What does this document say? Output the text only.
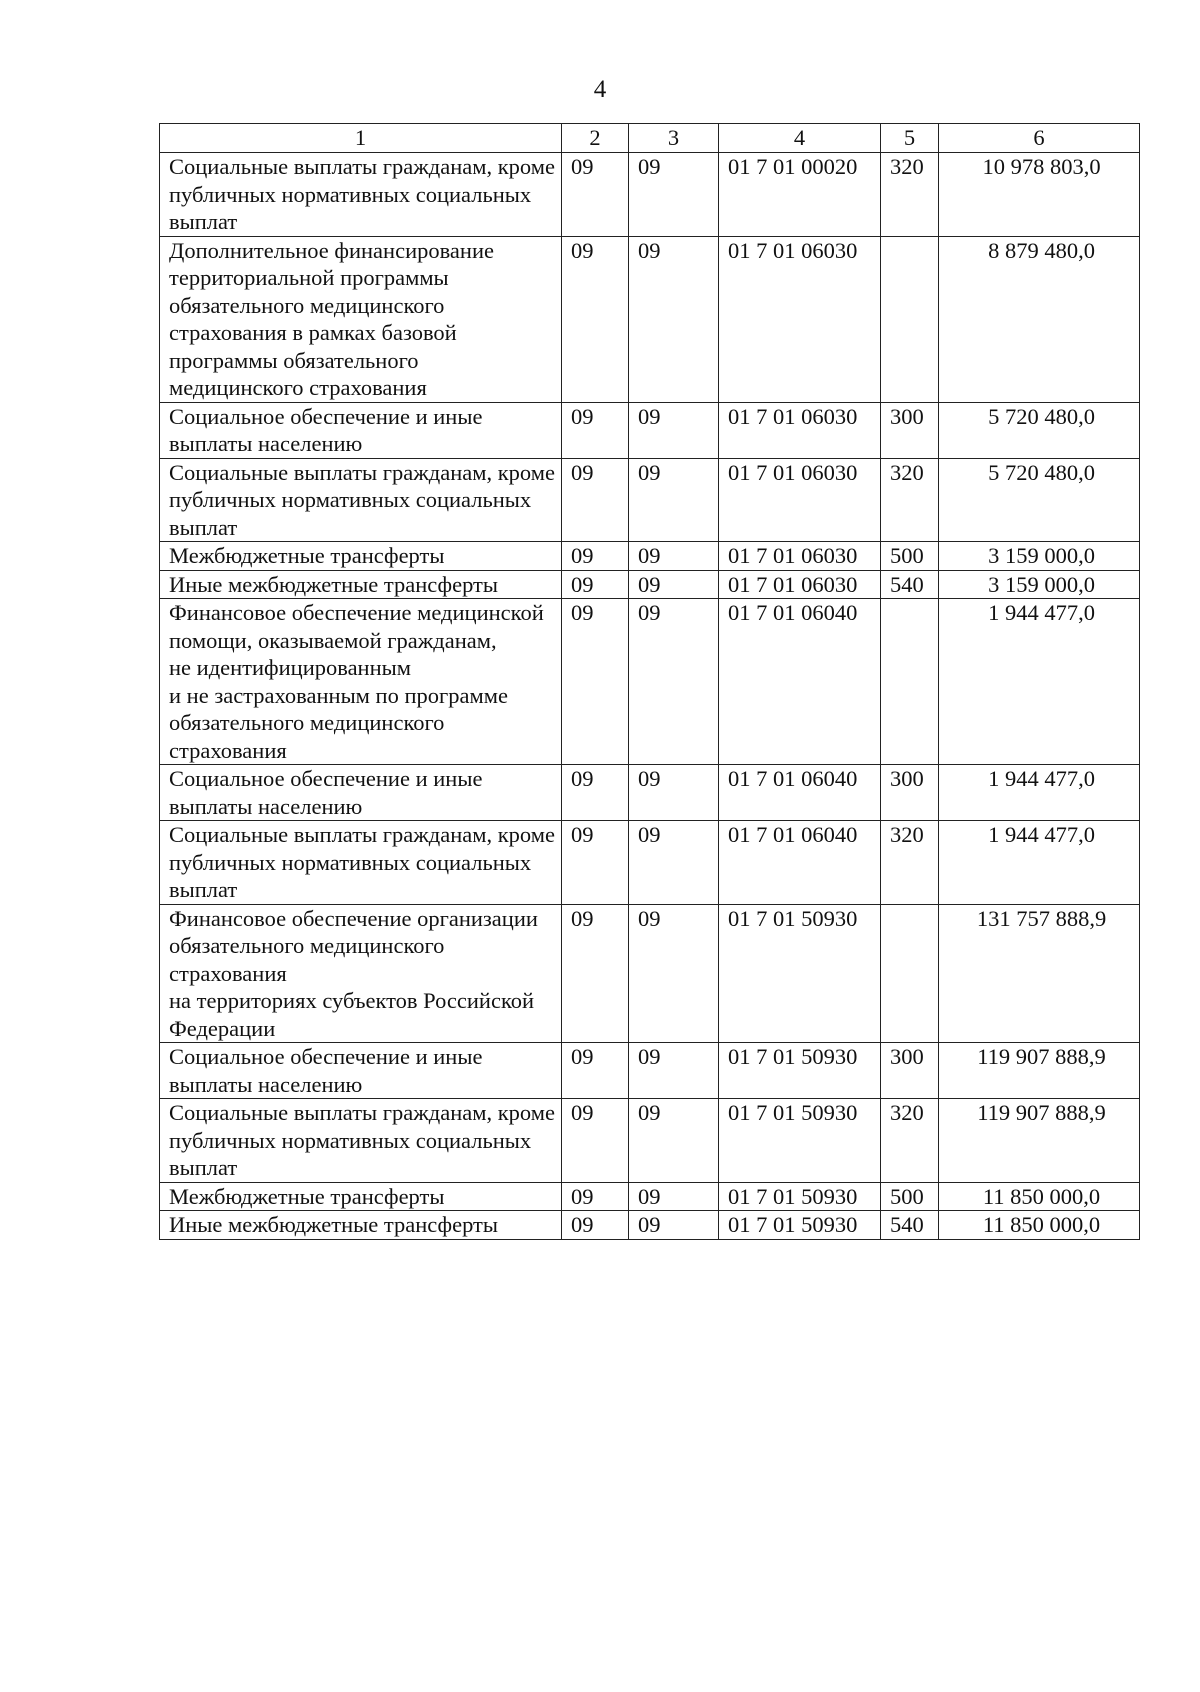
4
1	2	3	4	5	6
Социальные выплаты гражданам, кроме публичных нормативных социальных выплат	09	09	01 7 01 00020	320	10 978 803,0
Дополнительное финансирование территориальной программы обязательного медицинского страхования в рамках базовой программы обязательного медицинского страхования	09	09	01 7 01 06030		8 879 480,0
Социальное обеспечение и иные выплаты населению	09	09	01 7 01 06030	300	5 720 480,0
Социальные выплаты гражданам, кроме публичных нормативных социальных выплат	09	09	01 7 01 06030	320	5 720 480,0
Межбюджетные трансферты	09	09	01 7 01 06030	500	3 159 000,0
Иные межбюджетные трансферты	09	09	01 7 01 06030	540	3 159 000,0
Финансовое обеспечение медицинской помощи, оказываемой гражданам,
не идентифицированным
и не застрахованным по программе обязательного медицинского страхования	09	09	01 7 01 06040		1 944 477,0
Социальное обеспечение и иные выплаты населению	09	09	01 7 01 06040	300	1 944 477,0
Социальные выплаты гражданам, кроме публичных нормативных социальных выплат	09	09	01 7 01 06040	320	1 944 477,0
Финансовое обеспечение организации обязательного медицинского страхования
на территориях субъектов Российской Федерации	09	09	01 7 01 50930		131 757 888,9
Социальное обеспечение и иные выплаты населению	09	09	01 7 01 50930	300	119 907 888,9
Социальные выплаты гражданам, кроме публичных нормативных социальных выплат	09	09	01 7 01 50930	320	119 907 888,9
Межбюджетные трансферты	09	09	01 7 01 50930	500	11 850 000,0
Иные межбюджетные трансферты	09	09	01 7 01 50930	540	11 850 000,0
